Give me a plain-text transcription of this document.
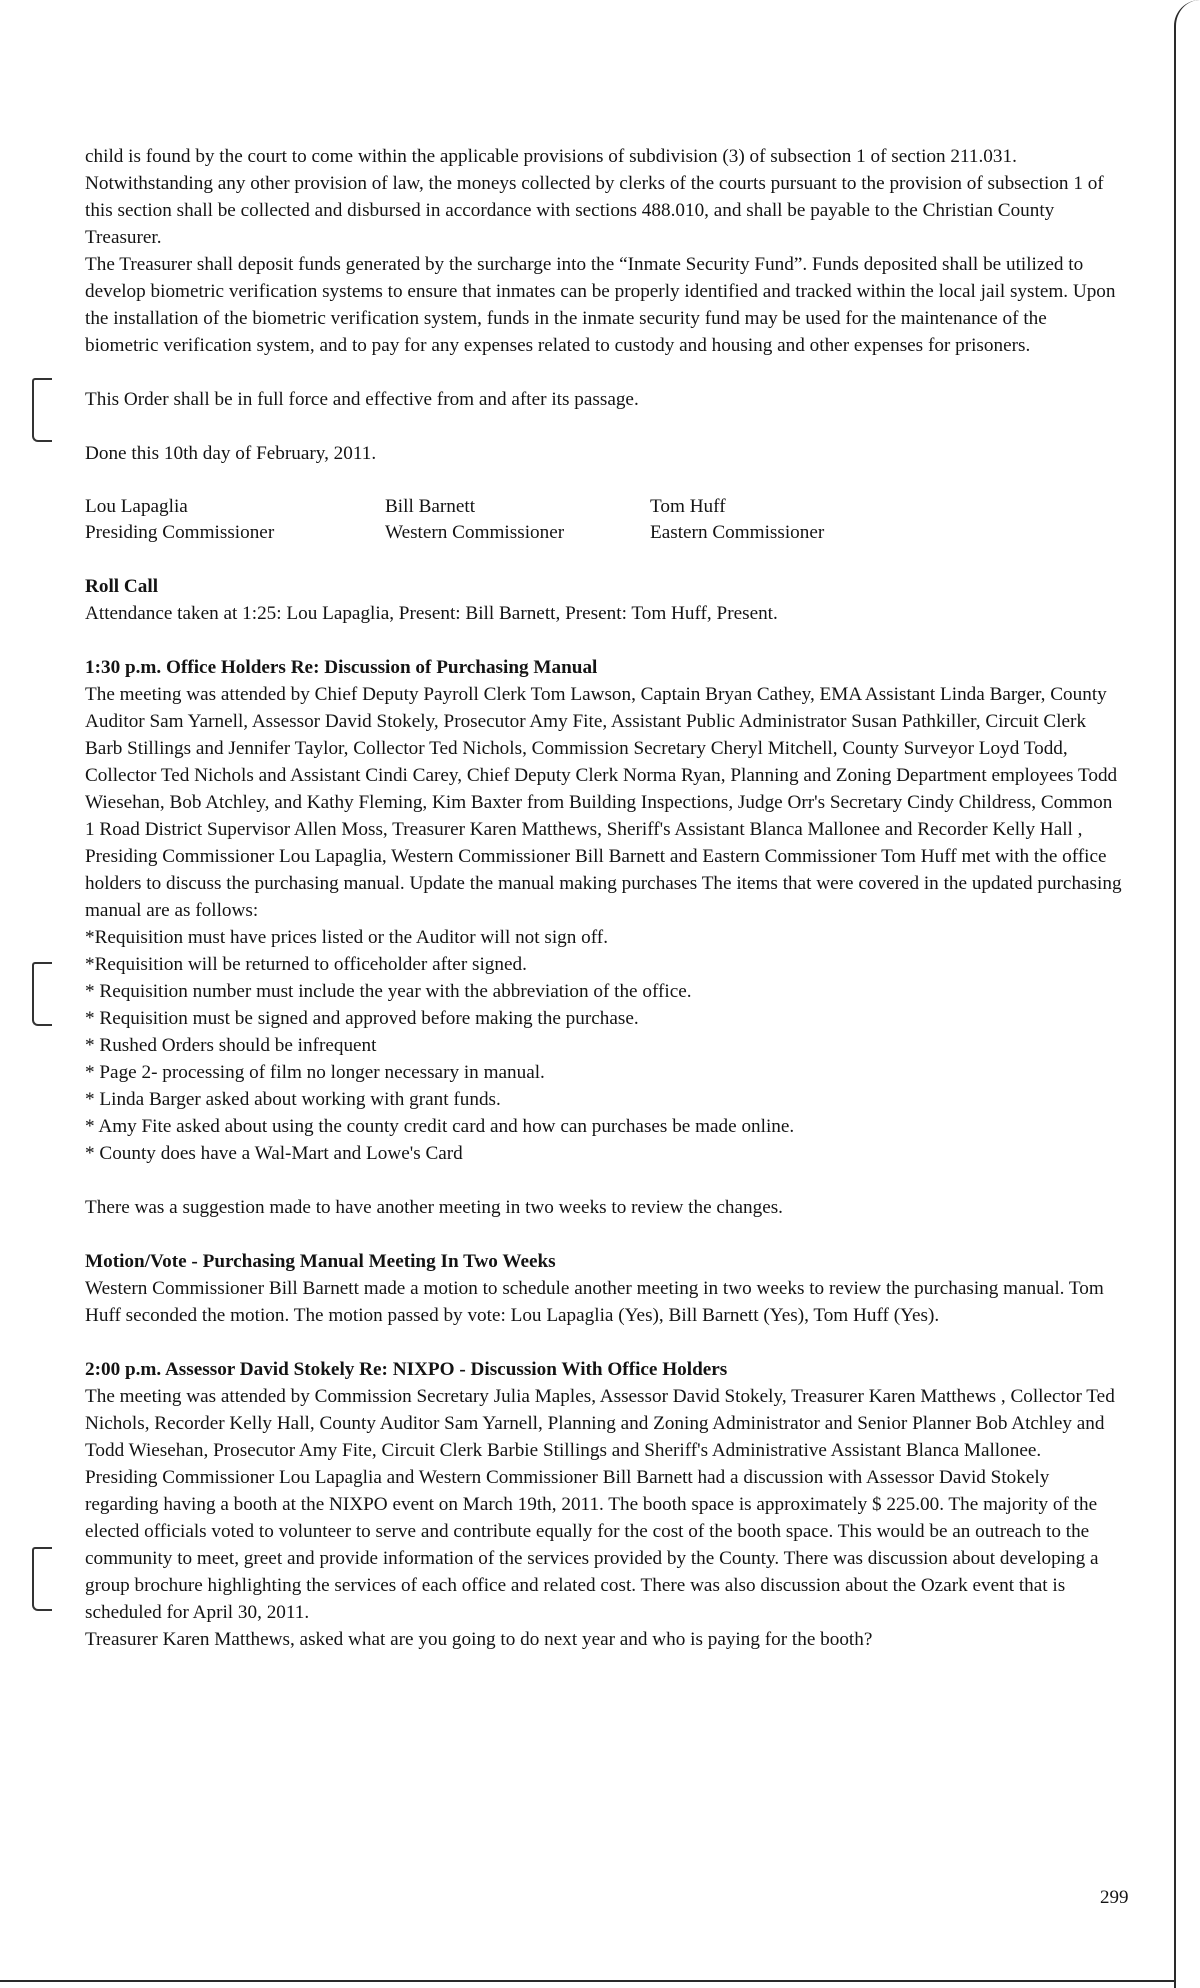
child is found by the court to come within the applicable provisions of subdivision (3) of subsection 1 of section 211.031. Notwithstanding any other provision of law, the moneys collected by clerks of the courts pursuant to the provision of subsection 1 of this section shall be collected and disbursed in accordance with sections 488.010, and shall be payable to the Christian County Treasurer.

The Treasurer shall deposit funds generated by the surcharge into the “Inmate Security Fund”. Funds deposited shall be utilized to develop biometric verification systems to ensure that inmates can be properly identified and tracked within the local jail system. Upon the installation of the biometric verification system, funds in the inmate security fund may be used for the maintenance of the biometric verification system, and to pay for any expenses related to custody and housing and other expenses for prisoners.

This Order shall be in full force and effective from and after its passage.

Done this 10th day of February, 2011.

Lou Lapaglia	Bill Barnett	Tom Huff
Presiding Commissioner	Western Commissioner	Eastern Commissioner

Roll Call

Attendance taken at 1:25: Lou Lapaglia, Present: Bill Barnett, Present: Tom Huff, Present.

1:30 p.m. Office Holders Re: Discussion of Purchasing Manual

The meeting was attended by Chief Deputy Payroll Clerk Tom Lawson, Captain Bryan Cathey, EMA Assistant Linda Barger, County Auditor Sam Yarnell, Assessor David Stokely, Prosecutor Amy Fite, Assistant Public Administrator Susan Pathkiller, Circuit Clerk Barb Stillings and Jennifer Taylor, Collector Ted Nichols, Commission Secretary Cheryl Mitchell, County Surveyor Loyd Todd, Collector Ted Nichols and Assistant Cindi Carey, Chief Deputy Clerk Norma Ryan, Planning and Zoning Department employees Todd Wiesehan, Bob Atchley, and Kathy Fleming, Kim Baxter from Building Inspections, Judge Orr's Secretary Cindy Childress, Common 1 Road District Supervisor Allen Moss, Treasurer Karen Matthews, Sheriff's Assistant Blanca Mallonee and Recorder Kelly Hall ,

Presiding Commissioner Lou Lapaglia, Western Commissioner Bill Barnett and Eastern Commissioner Tom Huff met with the office holders to discuss the purchasing manual. Update the manual making purchases The items that were covered in the updated purchasing manual are as follows:

*Requisition must have prices listed or the Auditor will not sign off.

*Requisition will be returned to officeholder after signed.

* Requisition number must include the year with the abbreviation of the office.

* Requisition must be signed and approved before making the purchase.

* Rushed Orders should be infrequent

* Page 2- processing of film no longer necessary in manual.

* Linda Barger asked about working with grant funds.

* Amy Fite asked about using the county credit card and how can purchases be made online.

* County does have a Wal-Mart and Lowe's Card

There was a suggestion made to have another meeting in two weeks to review the changes.

Motion/Vote - Purchasing Manual Meeting In Two Weeks

Western Commissioner Bill Barnett made a motion to schedule another meeting in two weeks to review the purchasing manual. Tom Huff seconded the motion. The motion passed by vote: Lou Lapaglia (Yes), Bill Barnett (Yes), Tom Huff (Yes).

2:00 p.m. Assessor David Stokely Re: NIXPO - Discussion With Office Holders

The meeting was attended by Commission Secretary Julia Maples, Assessor David Stokely, Treasurer Karen Matthews , Collector Ted Nichols, Recorder Kelly Hall, County Auditor Sam Yarnell, Planning and Zoning Administrator and Senior Planner Bob Atchley and Todd Wiesehan, Prosecutor Amy Fite, Circuit Clerk Barbie Stillings and Sheriff's Administrative Assistant Blanca Mallonee.

Presiding Commissioner Lou Lapaglia and Western Commissioner Bill Barnett had a discussion with Assessor David Stokely regarding having a booth at the NIXPO event on March 19th, 2011. The booth space is approximately $ 225.00. The majority of the elected officials voted to volunteer to serve and contribute equally for the cost of the booth space. This would be an outreach to the community to meet, greet and provide information of the services provided by the County. There was discussion about developing a group brochure highlighting the services of each office and related cost. There was also discussion about the Ozark event that is scheduled for April 30, 2011.

Treasurer Karen Matthews, asked what are you going to do next year and who is paying for the booth?

299
